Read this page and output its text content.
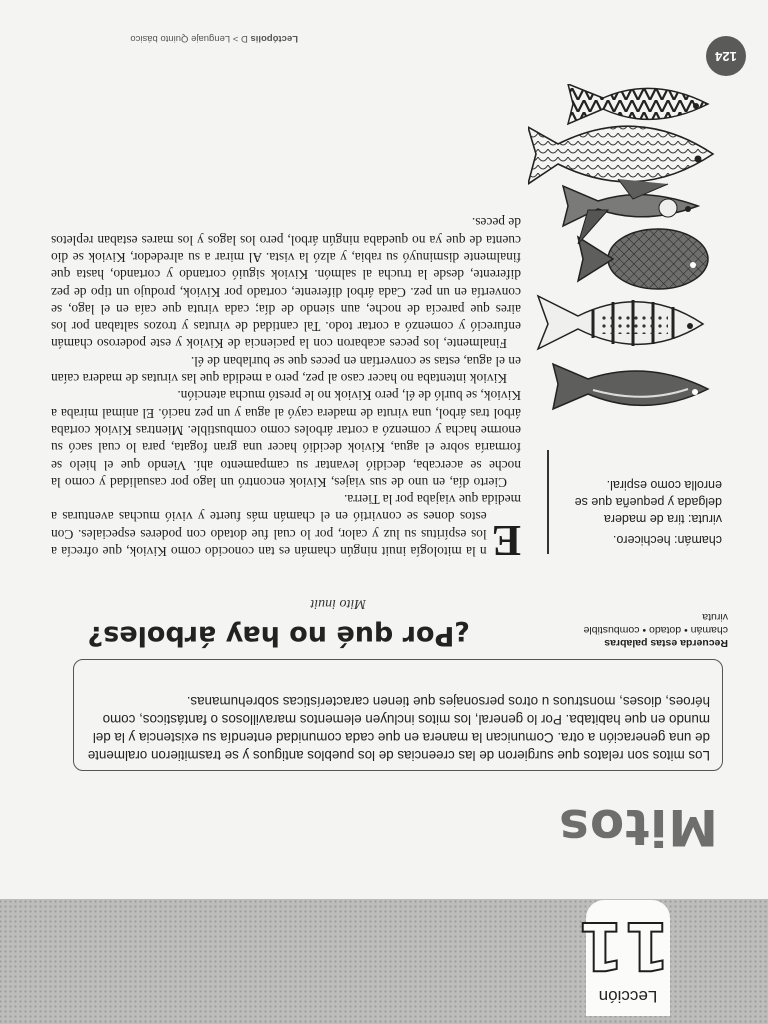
Lección
11
Mitos
Los mitos son relatos que surgieron de las creencias de los pueblos antiguos y se trasmitieron oralmente de una generación a otra. Comunican la manera en que cada comunidad entendía su existencia y la del mundo en que habitaba. Por lo general, los mitos incluyen elementos maravillosos o fantásticos, como héroes, dioses, monstruos u otros personajes que tienen características sobrehumanas.
¿Por qué no hay árboles?
Mito inuit
Recuerda estas palabras
chamán • dotado • combustible
viruta
chamán: hechicero.
viruta: tira de madera delgada y pequeña que se enrolla como espiral.

E
n la mitología inuit ningún chamán es tan conocido como Kiviok, que ofrecía a los espíritus su luz y calor, por lo cual fue dotado con poderes especiales. Con estos dones se convirtió en el chamán más fuerte y vivió muchas aventuras a medida que viajaba por la Tierra.

Cierto día, en uno de sus viajes, Kiviok encontró un lago por casualidad y como la noche se acercaba, decidió levantar su campamento ahí. Viendo que el hielo se formaría sobre el agua, Kiviok decidió hacer una gran fogata, para lo cual sacó su enorme hacha y comenzó a cortar árboles como combustible. Mientras Kiviok cortaba árbol tras árbol, una viruta de madera cayó al agua y un pez nació. El animal miraba a Kiviok, se burló de él, pero Kiviok no le prestó mucha atención.

Kiviok intentaba no hacer caso al pez, pero a medida que las virutas de madera caían en el agua, estas se convertían en peces que se burlaban de él.

Finalmente, los peces acabaron con la paciencia de Kiviok y este poderoso chamán enfureció y comenzó a cortar todo. Tal cantidad de virutas y trozos saltaban por los aires que parecía de noche, aun siendo de día; cada viruta que caía en el lago, se convertía en un pez. Cada árbol diferente, cortado por Kiviok, produjo un tipo de pez diferente, desde la trucha al salmón. Kiviok siguió cortando y cortando, hasta que finalmente disminuyó su rabia, y alzó la vista. Al mirar a su alrededor, Kiviok se dio cuenta de que ya no quedaba ningún árbol, pero los lagos y los mares estaban repletos de peces.

124
Lectópolis D > Lenguaje Quinto básico
